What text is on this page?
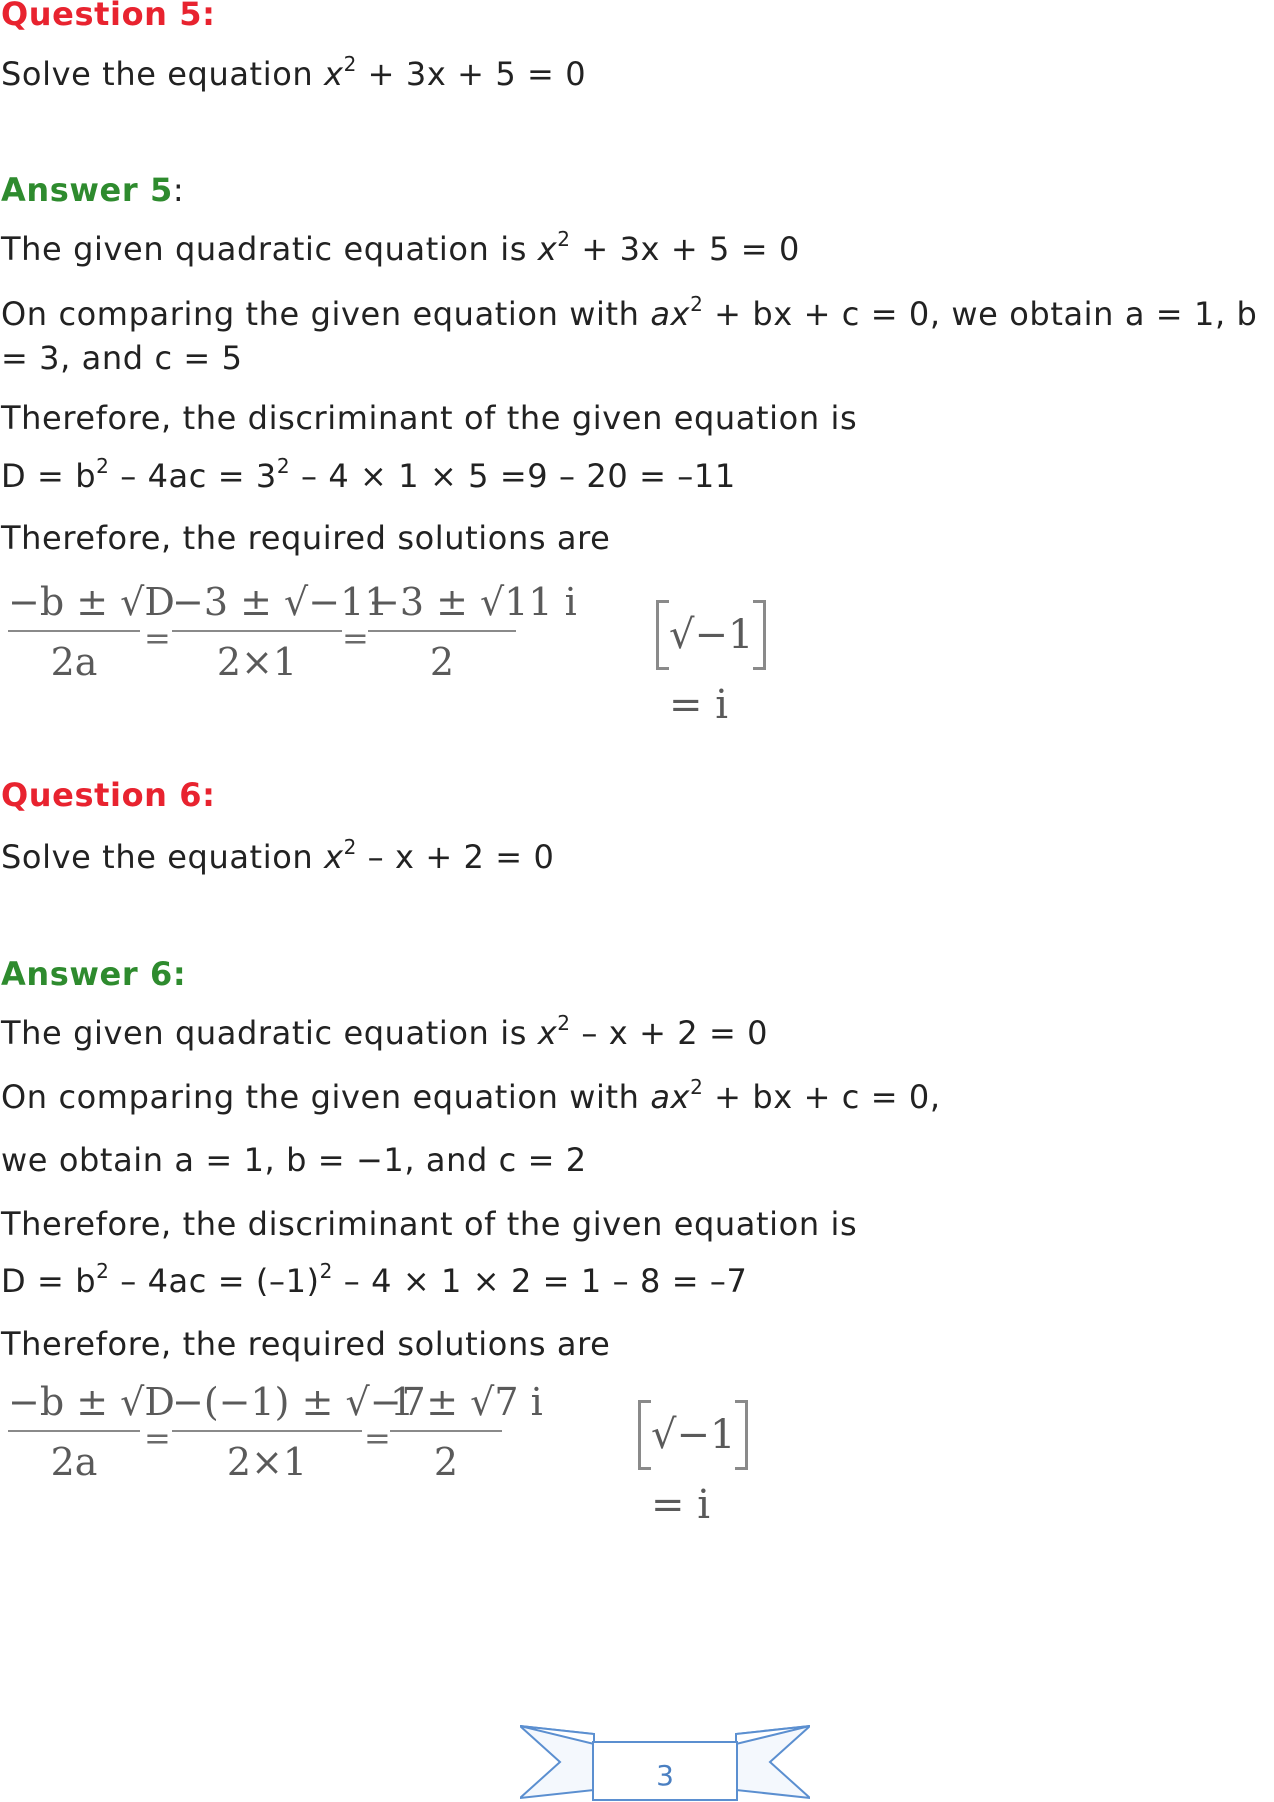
Question 5:
Solve the equation $x^2 + 3x + 5 = 0$
Answer 5:
The given quadratic equation is $x^2 + 3x + 5 = 0$
On comparing the given equation with $ax^2$ + bx + c = 0, we obtain a = 1, b
= 3, and c = 5
Therefore, the discriminant of the given equation is
$D = b^2 - 4ac = 3^2 - 4 \times 1 \times 5 =9 - 20 = -11$
Therefore, the required solutions are
−b ± √D
2a
=
−3 ± √−11
2×1
=
−3 ± √11 i
2
√−1 = i
Question 6:
Solve the equation $x^2 - x + 2 = 0$
Answer 6:
The given quadratic equation is $x^2 - x + 2 = 0$
On comparing the given equation with $ax^2$ + bx + c = 0,
we obtain a = 1, b = −1, and c = 2
Therefore, the discriminant of the given equation is
$D = b^2 - 4ac = (-1)^2 - 4 \times 1 \times 2 = 1 - 8 = -7$
Therefore, the required solutions are
−b ± √D
2a
=
−(−1) ± √−7
2×1
=
1 ± √7 i
2
√−1 = i
3
